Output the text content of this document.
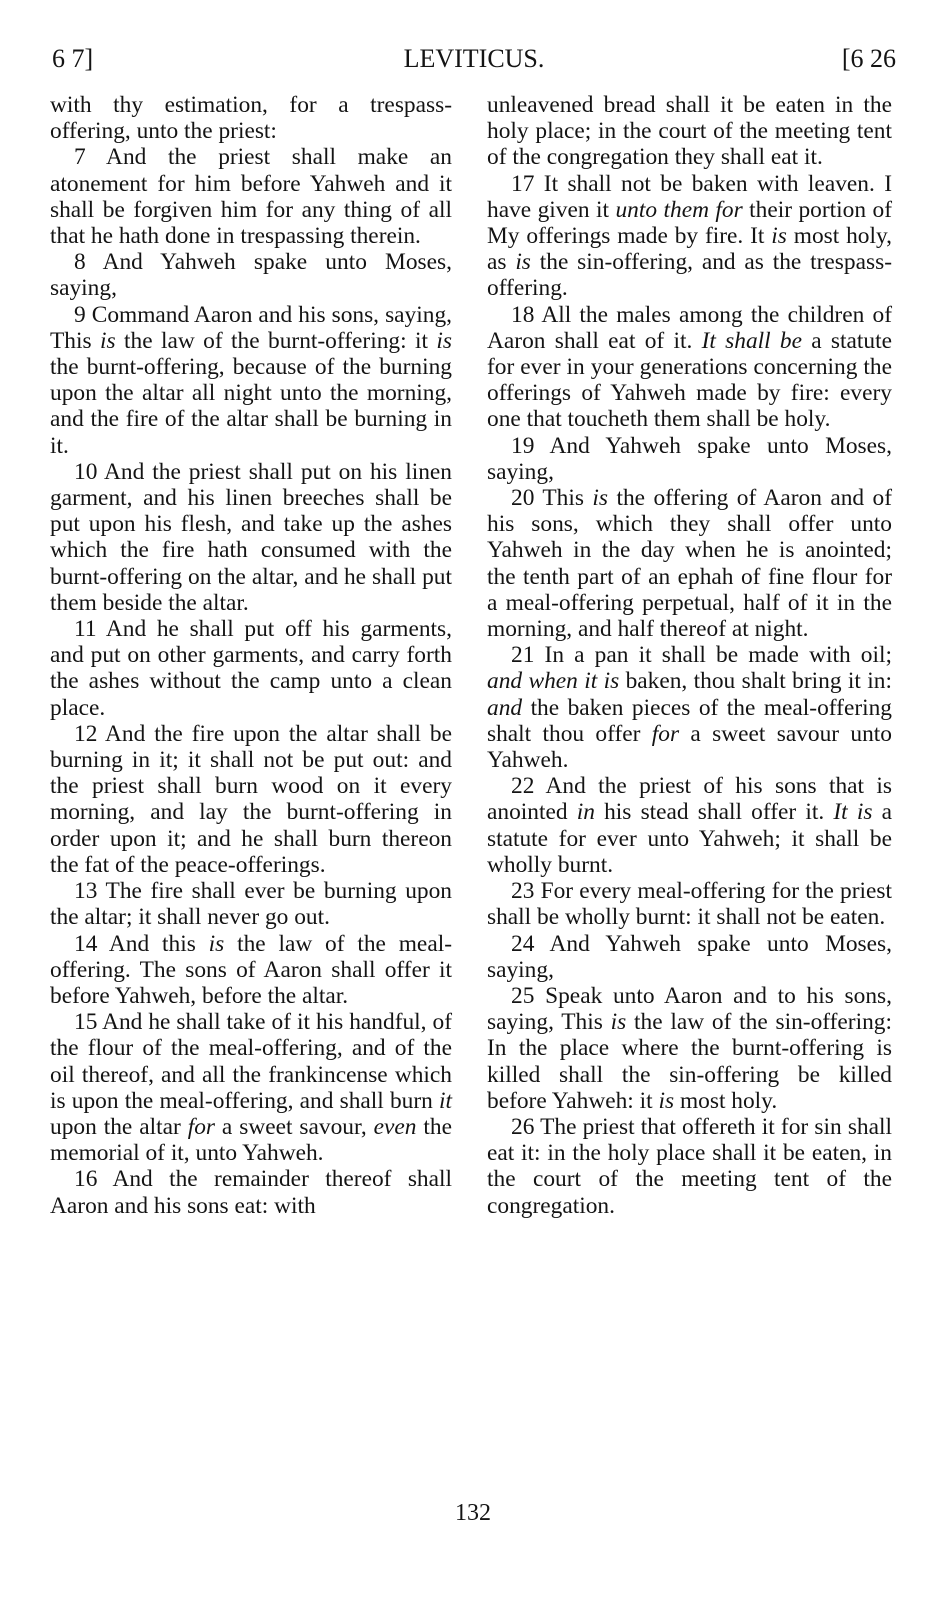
6 7]	LEVITICUS.	[6 26

with thy estimation, for a trespass-offering, unto the priest:

7 And the priest shall make an atonement for him before Yahweh and it shall be forgiven him for any thing of all that he hath done in trespassing therein.

8 And Yahweh spake unto Moses, saying,

9 Command Aaron and his sons, saying, This is the law of the burnt-offering: it is the burnt-offering, because of the burning upon the altar all night unto the morning, and the fire of the altar shall be burning in it.

10 And the priest shall put on his linen garment, and his linen breeches shall be put upon his flesh, and take up the ashes which the fire hath consumed with the burnt-offering on the altar, and he shall put them beside the altar.

11 And he shall put off his garments, and put on other garments, and carry forth the ashes without the camp unto a clean place.

12 And the fire upon the altar shall be burning in it; it shall not be put out: and the priest shall burn wood on it every morning, and lay the burnt-offering in order upon it; and he shall burn thereon the fat of the peace-offerings.

13 The fire shall ever be burning upon the altar; it shall never go out.

14 And this is the law of the meal-offering. The sons of Aaron shall offer it before Yahweh, before the altar.

15 And he shall take of it his handful, of the flour of the meal-offering, and of the oil thereof, and all the frankincense which is upon the meal-offering, and shall burn it upon the altar for a sweet savour, even the memorial of it, unto Yahweh.

16 And the remainder thereof shall Aaron and his sons eat: with

unleavened bread shall it be eaten in the holy place; in the court of the meeting tent of the congregation they shall eat it.

17 It shall not be baken with leaven. I have given it unto them for their portion of My offerings made by fire. It is most holy, as is the sin-offering, and as the trespass-offering.

18 All the males among the children of Aaron shall eat of it. It shall be a statute for ever in your generations concerning the offerings of Yahweh made by fire: every one that toucheth them shall be holy.

19 And Yahweh spake unto Moses, saying,

20 This is the offering of Aaron and of his sons, which they shall offer unto Yahweh in the day when he is anointed; the tenth part of an ephah of fine flour for a meal-offering perpetual, half of it in the morning, and half thereof at night.

21 In a pan it shall be made with oil; and when it is baken, thou shalt bring it in: and the baken pieces of the meal-offering shalt thou offer for a sweet savour unto Yahweh.

22 And the priest of his sons that is anointed in his stead shall offer it. It is a statute for ever unto Yahweh; it shall be wholly burnt.

23 For every meal-offering for the priest shall be wholly burnt: it shall not be eaten.

24 And Yahweh spake unto Moses, saying,

25 Speak unto Aaron and to his sons, saying, This is the law of the sin-offering: In the place where the burnt-offering is killed shall the sin-offering be killed before Yahweh: it is most holy.

26 The priest that offereth it for sin shall eat it: in the holy place shall it be eaten, in the court of the meeting tent of the congregation.

132
